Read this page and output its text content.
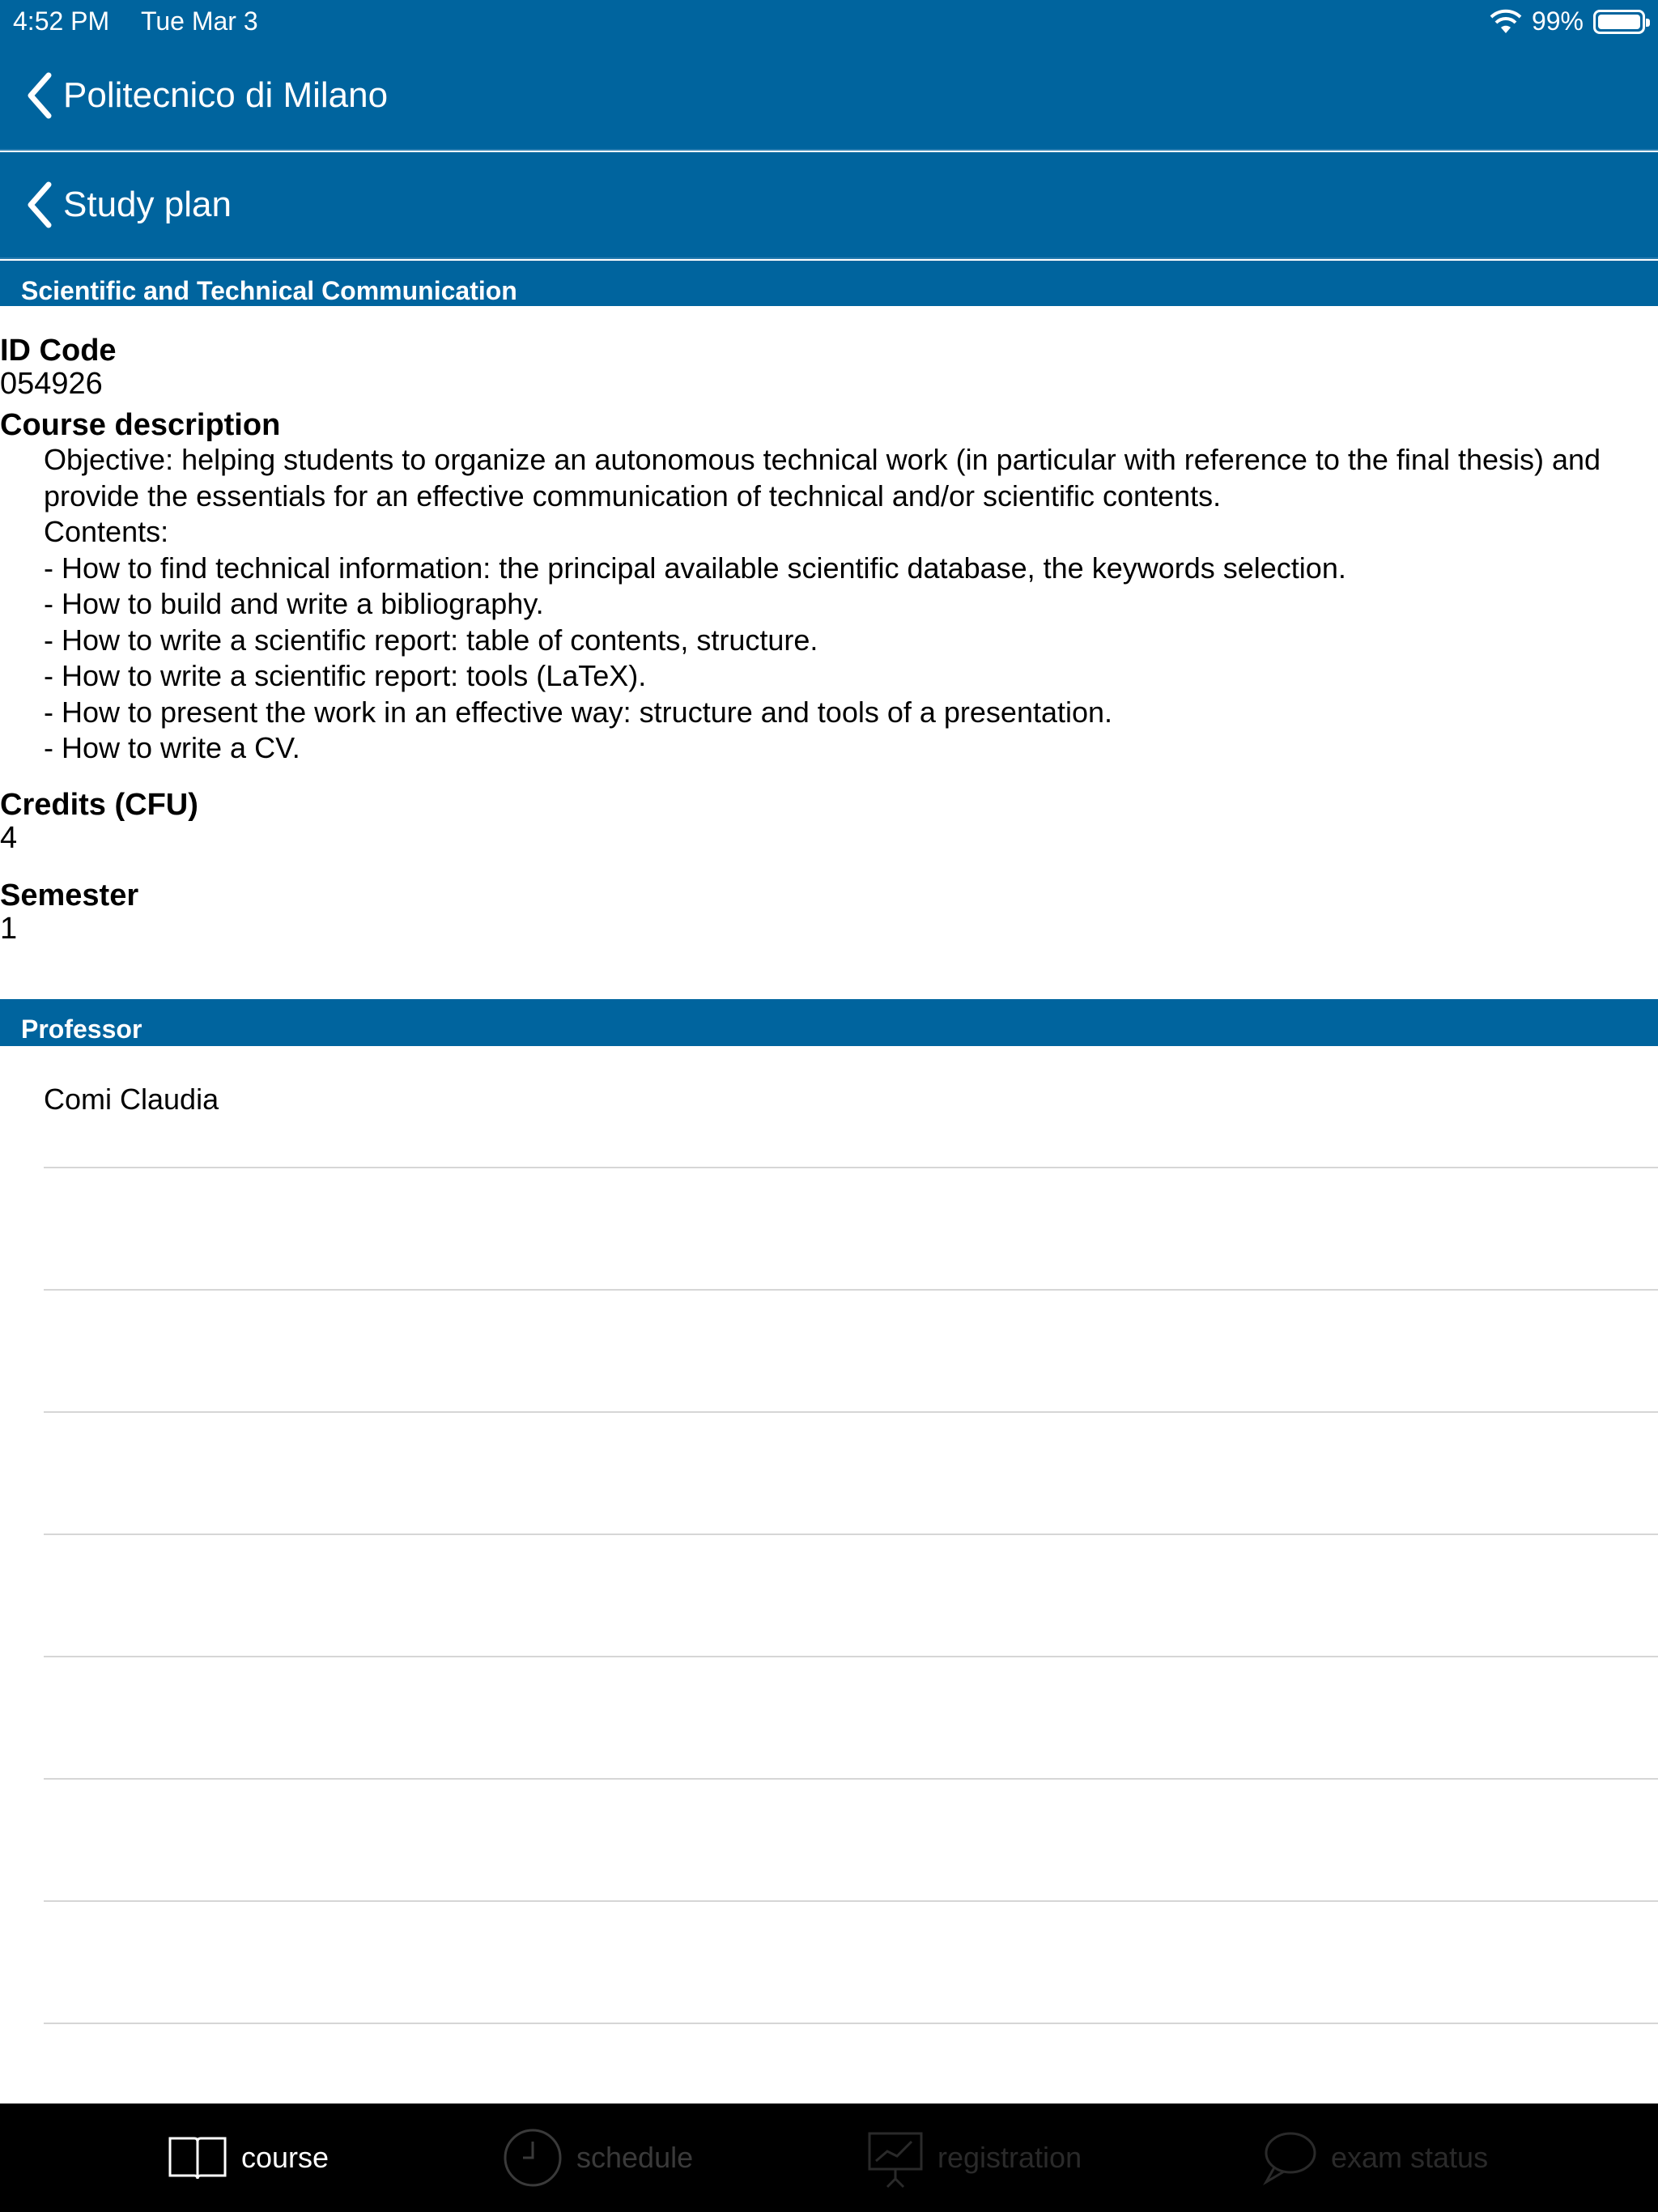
4:52 PM Tue Mar 3	99%
Politecnico di Milano
Study plan
Scientific and Technical Communication
ID Code
054926
Course description

Objective: helping students to organize an autonomous technical work (in particular with reference to the final thesis) and provide the essentials for an effective communication of technical and/or scientific contents.

Contents:

- How to find technical information: the principal available scientific database, the keywords selection.

- How to build and write a bibliography.

- How to write a scientific report: table of contents, structure.

- How to write a scientific report: tools (LaTeX).

- How to present the work in an effective way: structure and tools of a presentation.

- How to write a CV.

Credits (CFU)
4
Semester
1
Professor
Comi Claudia
course	schedule	registration	exam status
